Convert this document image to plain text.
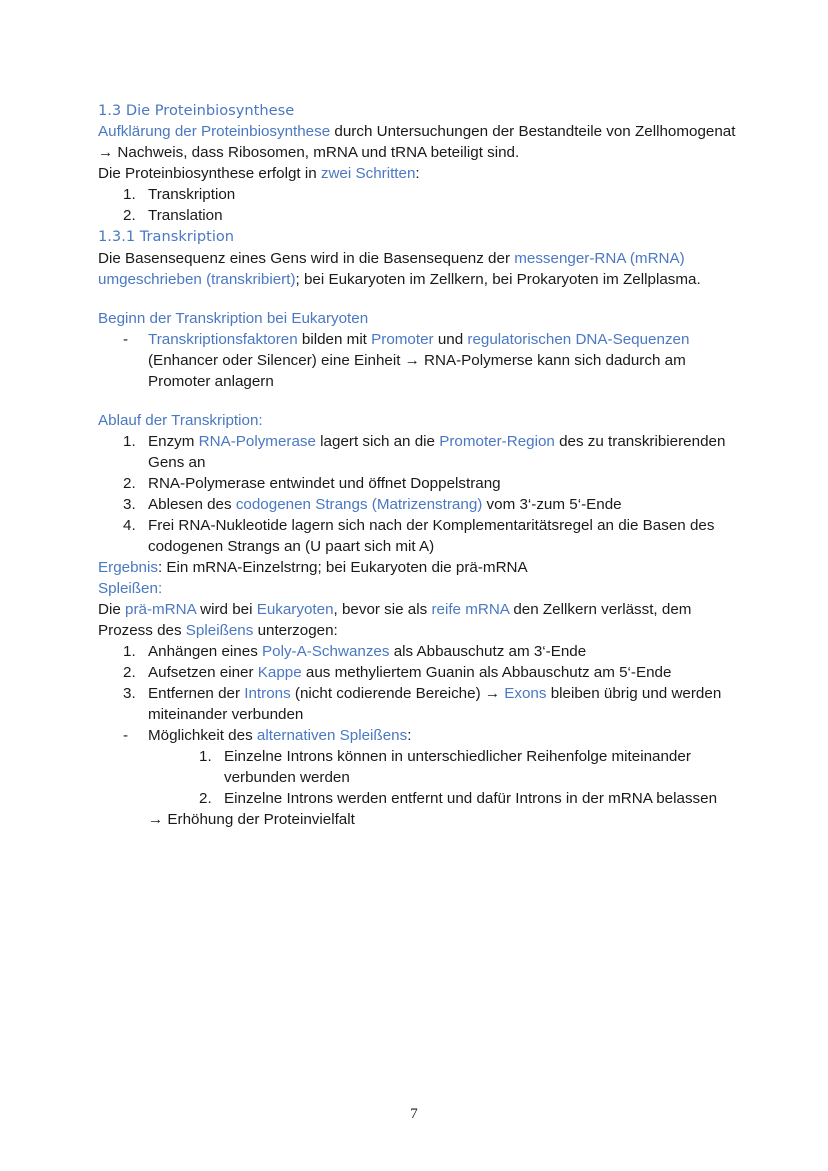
1.3 Die Proteinbiosynthese

Aufklärung der Proteinbiosynthese durch Untersuchungen der Bestandteile von Zellhomogenat → Nachweis, dass Ribosomen, mRNA und tRNA beteiligt sind.

Die Proteinbiosynthese erfolgt in zwei Schritten:

1. Transkription
2. Translation
1.3.1 Transkription

Die Basensequenz eines Gens wird in die Basensequenz der messenger-RNA (mRNA) umgeschrieben (transkribiert); bei Eukaryoten im Zellkern, bei Prokaryoten im Zellplasma.

Beginn der Transkription bei Eukaryoten
- Transkriptionsfaktoren bilden mit Promoter und regulatorischen DNA-Sequenzen (Enhancer oder Silencer) eine Einheit → RNA-Polymerse kann sich dadurch am Promoter anlagern
Ablauf der Transkription:
1. Enzym RNA-Polymerase lagert sich an die Promoter-Region des zu transkribierenden Gens an
2. RNA-Polymerase entwindet und öffnet Doppelstrang
3. Ablesen des codogenen Strangs (Matrizenstrang) vom 3‘-zum 5‘-Ende
4. Frei RNA-Nukleotide lagern sich nach der Komplementaritätsregel an die Basen des codogenen Strangs an (U paart sich mit A)

Ergebnis: Ein mRNA-Einzelstrng; bei Eukaryoten die prä-mRNA

Spleißen:

Die prä-mRNA wird bei Eukaryoten, bevor sie als reife mRNA den Zellkern verlässt, dem Prozess des Spleißens unterzogen:

1. Anhängen eines Poly-A-Schwanzes als Abbauschutz am 3‘-Ende
2. Aufsetzen einer Kappe aus methyliertem Guanin als Abbauschutz am 5‘-Ende
3. Entfernen der Introns (nicht codierende Bereiche) → Exons bleiben übrig und werden miteinander verbunden
- Möglichkeit des alternativen Spleißens:
1. Einzelne Introns können in unterschiedlicher Reihenfolge miteinander verbunden werden
2. Einzelne Introns werden entfernt und dafür Introns in der mRNA belassen
→ Erhöhung der Proteinvielfalt
7
